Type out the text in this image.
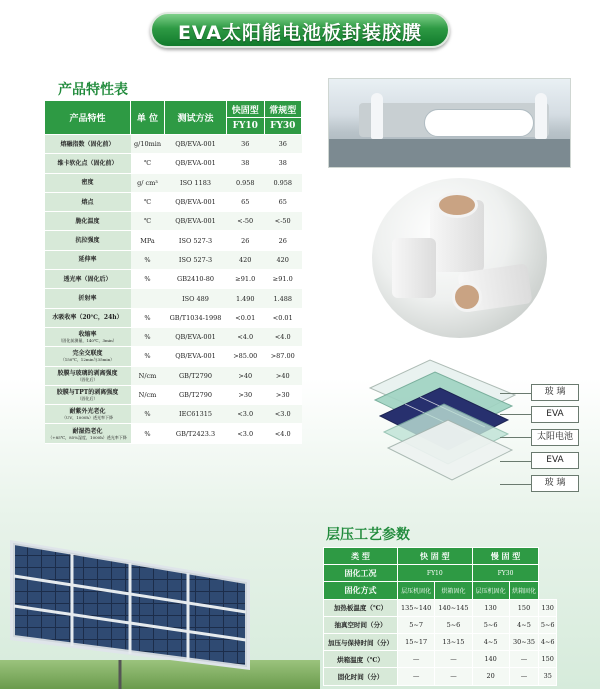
EVA太阳能电池板封装胶膜
产品特性表
产品特性	单 位	测试方法	快固型	常规型
			FY10	FY30
熔融指数（固化前）	g/10min	QB/EVA-001	36	36
维卡软化点（固化前）	℃	QB/EVA-001	38	38
密度	g/ cm³	ISO 1183	0.958	0.958
熔点	℃	QB/EVA-001	65	65
脆化温度	℃	QB/EVA-001	<-50	<-50
抗拉强度	MPa	ISO 527-3	26	26
延伸率	%	ISO 527-3	420	420
透光率（固化后）	%	GB2410-80	≥91.0	≥91.0
折射率		ISO 489	1.490	1.488
水吸收率（20℃，24h）	%	GB/T1034-1998	<0.01	<0.01
收缩率
（固化前测量，140℃，3min）	%	QB/EVA-001	<4.0	<4.0
完全交联度
（150℃，12min与35min）	%	QB/EVA-001	>85.00	>87.00
胶膜与玻璃的剥离强度
（固化后）	N/cm	GB/T2790	>40	>40
胶膜与TPT的剥离强度
（固化后）	N/cm	GB/T2790	>30	>30
耐紫外光老化
（UV，1000h）透光率下降	%	IEC61315	<3.0	<3.0
耐湿热老化
（+85℃，85%湿度，1000h）透光率下降	%	GB/T2423.3	<3.0	<4.0
玻 璃
EVA
太阳电池
EVA
玻 璃
层压工艺参数
类 型	快 固 型		慢 固 型		
固化工况	FY10		FY30		
固化方式	层压机固化	烘箱固化	层压机固化	烘箱固化	
加热板温度（℃）	135~140	140~145	130	150	130
抽真空时间（分）	5~7	5~6	5~6	4~5	5~6
加压与保持时间（分）	15~17	13~15	4~5	30~35	4~6
烘箱温度（℃）	—	—	140	—	150
固化时间（分）	—	—	20	—	35
